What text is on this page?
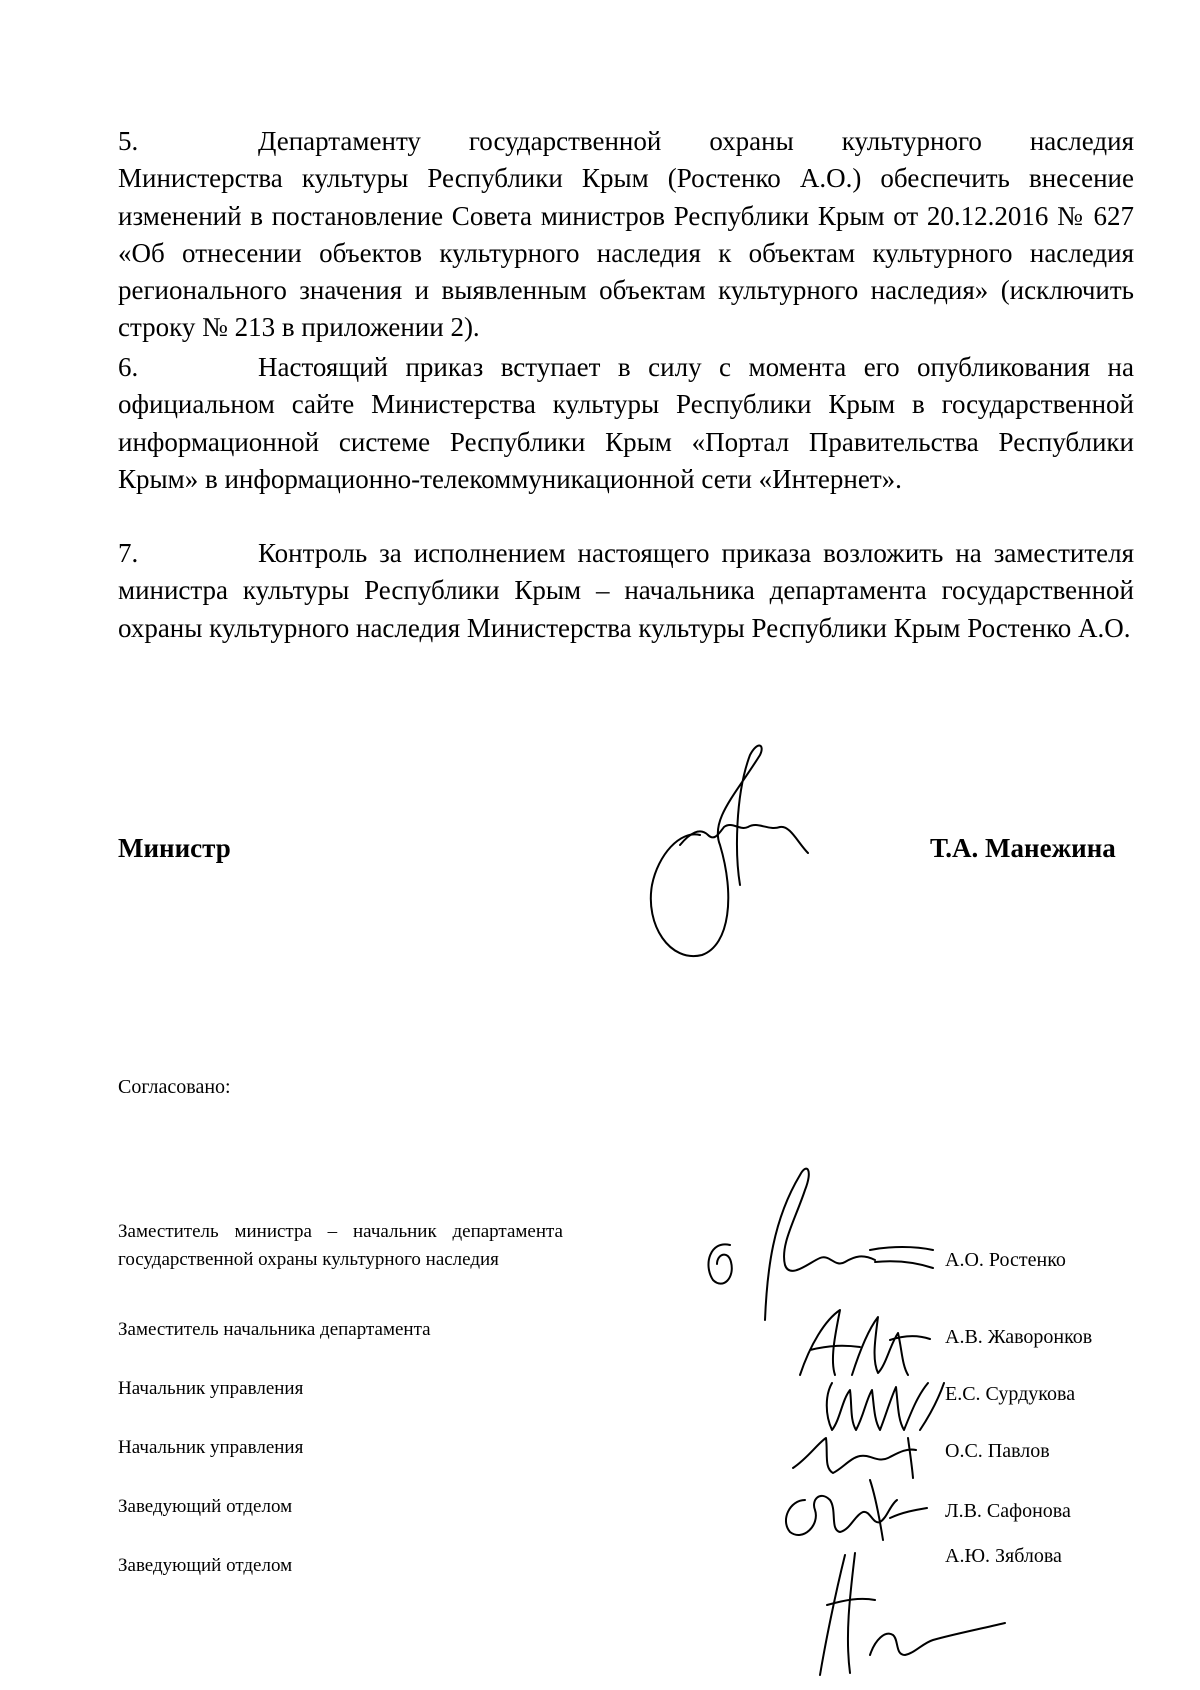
5.	Департаменту государственной охраны культурного наследия Министерства культуры Республики Крым (Ростенко А.О.) обеспечить внесение изменений в постановление Совета министров Республики Крым от 20.12.2016 № 627 «Об отнесении объектов культурного наследия к объектам культурного наследия регионального значения и выявленным объектам культурного наследия» (исключить строку № 213 в приложении 2).
6.	Настоящий приказ вступает в силу с момента его опубликования на официальном сайте Министерства культуры Республики Крым в государственной информационной системе Республики Крым «Портал Правительства Республики Крым» в информационно-телекоммуникационной сети «Интернет».
7.	Контроль за исполнением настоящего приказа возложить на заместителя министра культуры Республики Крым – начальника департамента государственной охраны культурного наследия Министерства культуры Республики Крым Ростенко А.О.
Министр	Т.А. Манежина
Согласовано:
Заместитель министра – начальник департамента государственной охраны культурного наследия	А.О. Ростенко
Заместитель начальника департамента	А.В. Жаворонков
Начальник управления	Е.С. Сурдукова
Начальник управления	О.С. Павлов
Заведующий отделом	Л.В. Сафонова
Заведующий отделом	А.Ю. Зяблова
